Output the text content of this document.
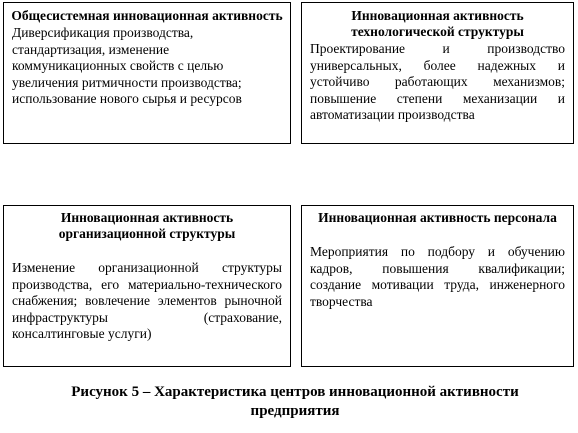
Общесистемная инновационная активность
Диверсификация производства, стандартизация, изменение коммуникационных свойств с целью увеличения ритмичности производства; использование нового сырья и ресурсов
Инновационная активность технологической структуры
Проектирование и производство универсальных, более надежных и устойчиво работающих механизмов; повышение степени механизации и автоматизации производства
Инновационная активность организационной структуры
Изменение организационной структуры производства, его материально-технического снабжения; вовлечение элементов рыночной инфраструктуры (страхование, консалтинговые услуги)
Инновационная активность персонала
Мероприятия по подбору и обучению кадров, повышения квалификации; создание мотивации труда, инженерного творчества
Рисунок 5 – Характеристика центров инновационной активности предприятия
